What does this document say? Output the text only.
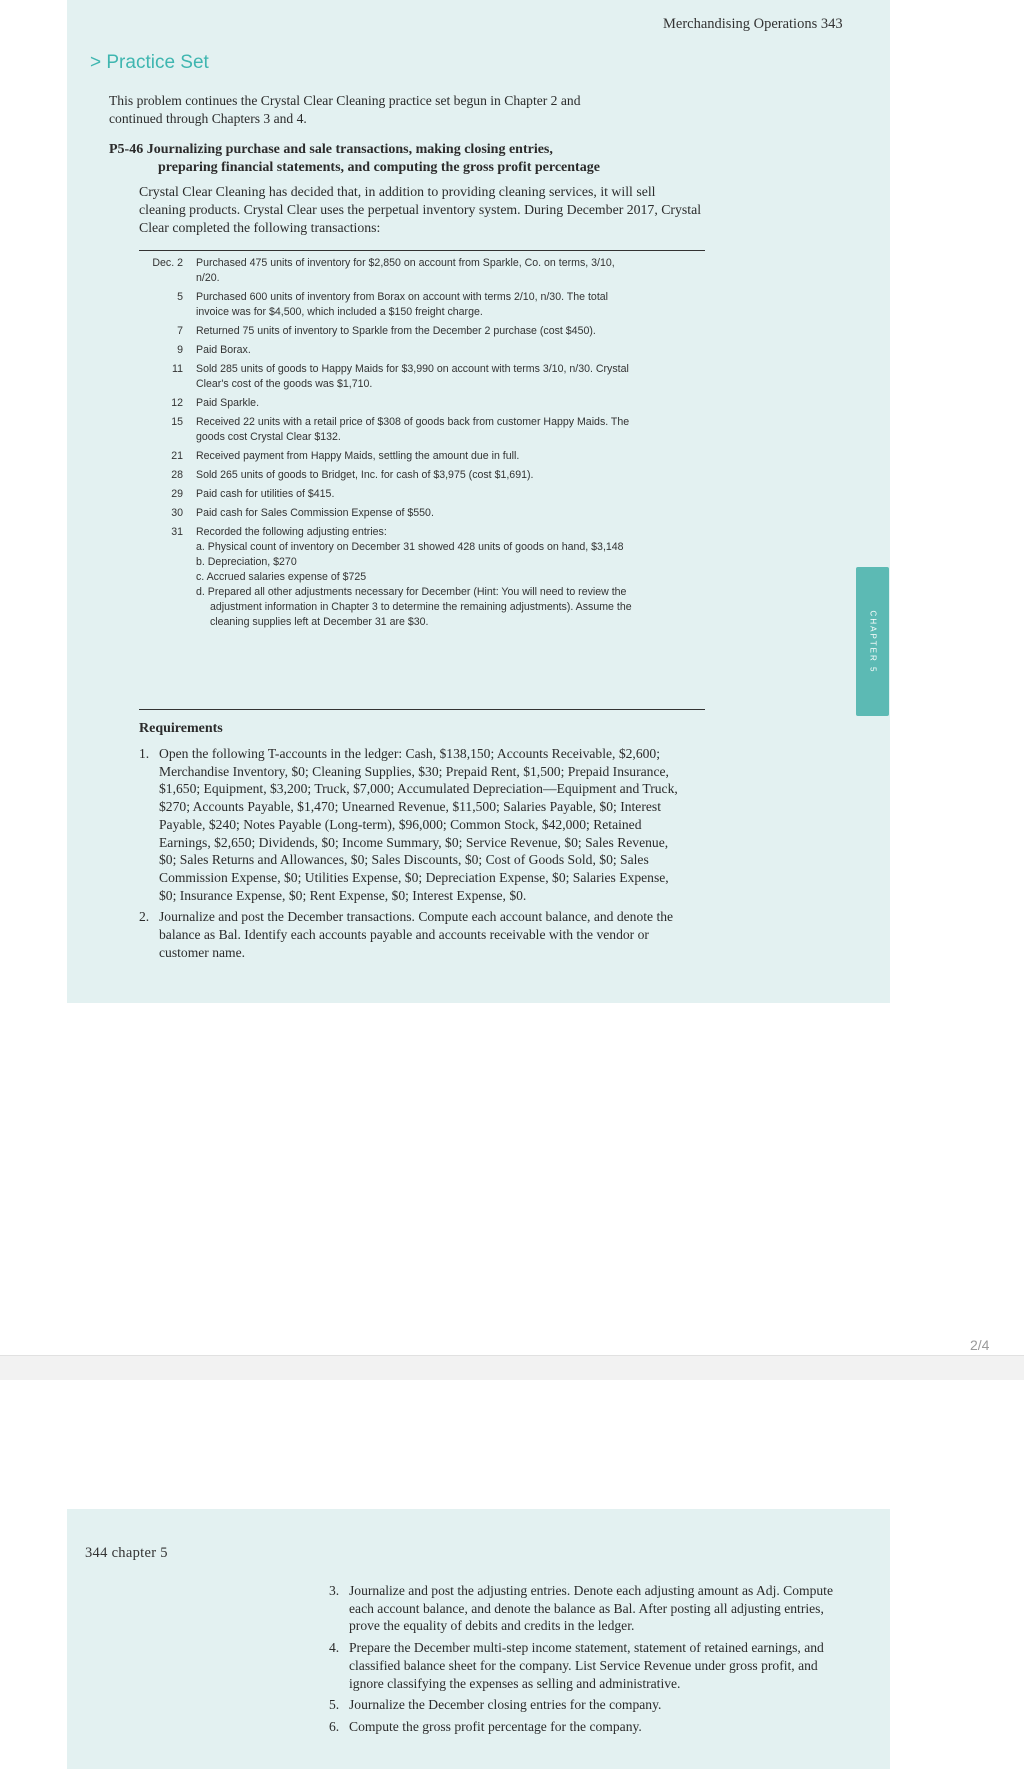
Merchandising Operations 343
> Practice Set
This problem continues the Crystal Clear Cleaning practice set begun in Chapter 2 and continued through Chapters 3 and 4.
P5-46 Journalizing purchase and sale transactions, making closing entries,
preparing financial statements, and computing the gross profit percentage
Crystal Clear Cleaning has decided that, in addition to providing cleaning services, it will sell cleaning products. Crystal Clear uses the perpetual inventory system. During December 2017, Crystal Clear completed the following transactions:
Dec. 2	Purchased 475 units of inventory for $2,850 on account from Sparkle, Co. on terms, 3/10, n/20.
5	Purchased 600 units of inventory from Borax on account with terms 2/10, n/30. The total invoice was for $4,500, which included a $150 freight charge.
7	Returned 75 units of inventory to Sparkle from the December 2 purchase (cost $450).
9	Paid Borax.
11	Sold 285 units of goods to Happy Maids for $3,990 on account with terms 3/10, n/30. Crystal Clear's cost of the goods was $1,710.
12	Paid Sparkle.
15	Received 22 units with a retail price of $308 of goods back from customer Happy Maids. The goods cost Crystal Clear $132.
21	Received payment from Happy Maids, settling the amount due in full.
28	Sold 265 units of goods to Bridget, Inc. for cash of $3,975 (cost $1,691).
29	Paid cash for utilities of $415.
30	Paid cash for Sales Commission Expense of $550.
31	Recorded the following adjusting entries:
a. Physical count of inventory on December 31 showed 428 units of goods on hand, $3,148
b. Depreciation, $270
c. Accrued salaries expense of $725
d. Prepared all other adjustments necessary for December (Hint: You will need to review the adjustment information in Chapter 3 to determine the remaining adjustments). Assume the cleaning supplies left at December 31 are $30.
Requirements
1. Open the following T-accounts in the ledger: Cash, $138,150; Accounts Receivable, $2,600; Merchandise Inventory, $0; Cleaning Supplies, $30; Prepaid Rent, $1,500; Prepaid Insurance, $1,650; Equipment, $3,200; Truck, $7,000; Accumulated Depreciation—Equipment and Truck, $270; Accounts Payable, $1,470; Unearned Revenue, $11,500; Salaries Payable, $0; Interest Payable, $240; Notes Payable (Long-term), $96,000; Common Stock, $42,000; Retained Earnings, $2,650; Dividends, $0; Income Summary, $0; Service Revenue, $0; Sales Revenue, $0; Sales Returns and Allowances, $0; Sales Discounts, $0; Cost of Goods Sold, $0; Sales Commission Expense, $0; Utilities Expense, $0; Depreciation Expense, $0; Salaries Expense, $0; Insurance Expense, $0; Rent Expense, $0; Interest Expense, $0.
2. Journalize and post the December transactions. Compute each account balance, and denote the balance as Bal. Identify each accounts payable and accounts receivable with the vendor or customer name.
CHAPTER 5
2/4
344 chapter 5
3. Journalize and post the adjusting entries. Denote each adjusting amount as Adj. Compute each account balance, and denote the balance as Bal. After posting all adjusting entries, prove the equality of debits and credits in the ledger.
4. Prepare the December multi-step income statement, statement of retained earnings, and classified balance sheet for the company. List Service Revenue under gross profit, and ignore classifying the expenses as selling and administrative.
5. Journalize the December closing entries for the company.
6. Compute the gross profit percentage for the company.
